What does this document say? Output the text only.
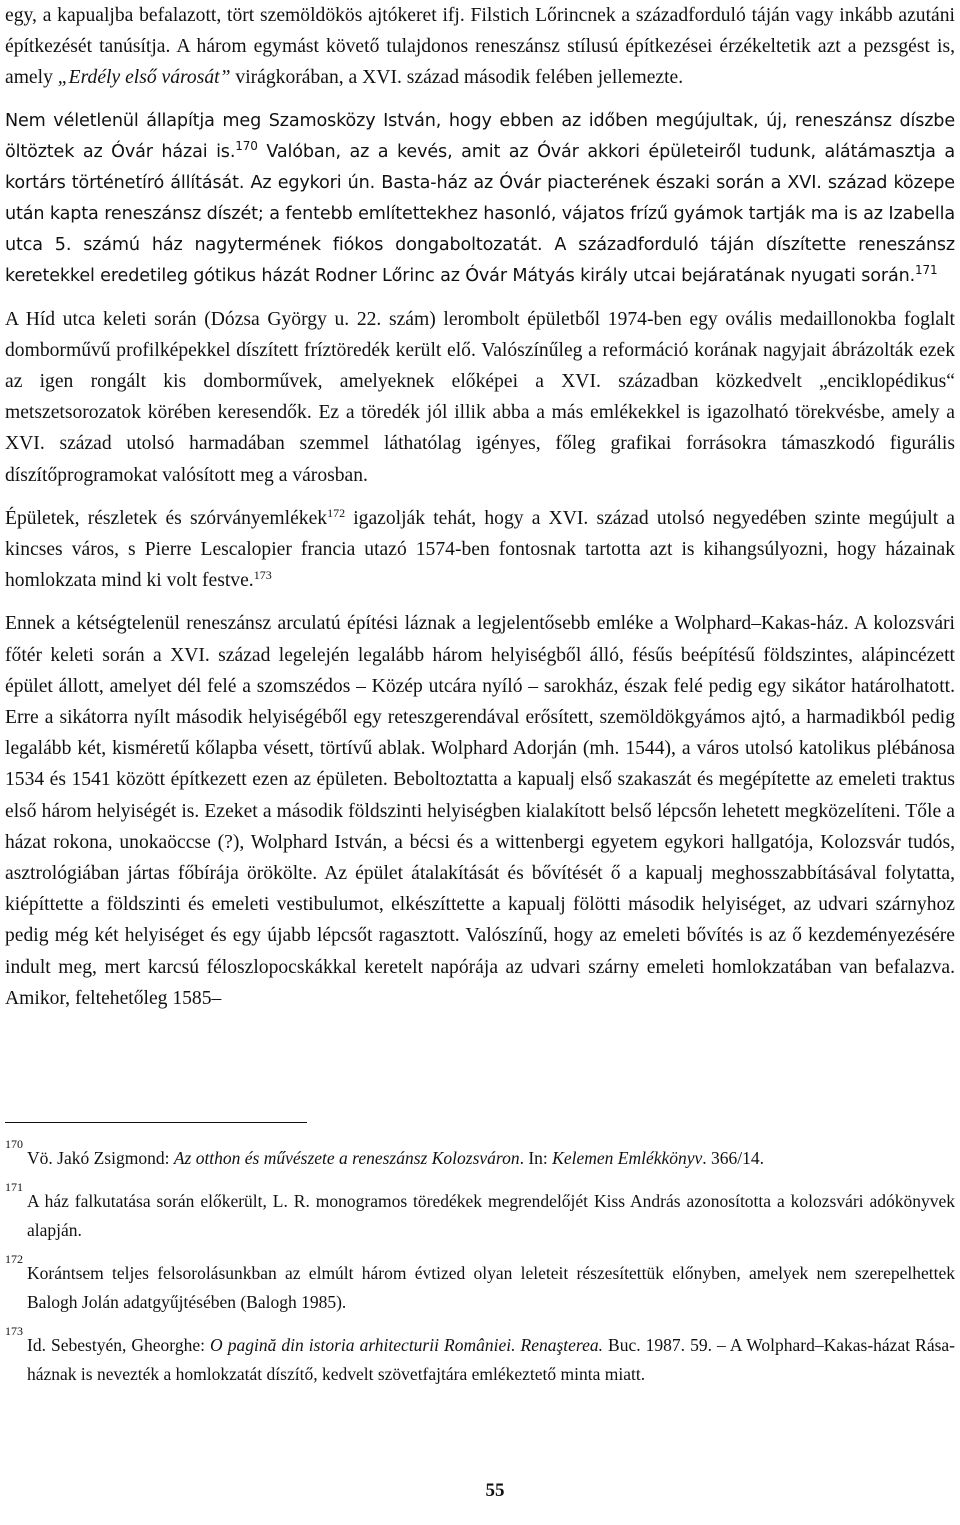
egy, a kapualjba befalazott, tört szemöldökös ajtókeret ifj. Filstich Lőrincnek a századforduló táján vagy inkább azutáni építkezését tanúsítja. A három egymást követő tulajdonos reneszánsz stílusú építkezései érzékeltetik azt a pezsgést is, amely „Erdély első városát” virágkorában, a XVI. század második felében jellemezte.

Nem véletlenül állapítja meg Szamosközy István, hogy ebben az időben megújultak, új, reneszánsz díszbe öltöztek az Óvár házai is.$^{170}$ Valóban, az a kevés, amit az Óvár akkori épületeiről tudunk, alátámasztja a kortárs történetíró állítását. Az egykori ún. Basta-ház az Óvár piacterének északi során a XVI. század közepe után kapta reneszánsz díszét; a fentebb említettekhez hasonló, vájatos frízű gyámok tartják ma is az Izabella utca 5. számú ház nagytermének fiókos dongaboltozatát. A századforduló táján díszítette reneszánsz keretekkel eredetileg gótikus házát Rodner Lőrinc az Óvár Mátyás király utcai bejáratának nyugati során.$^{171}$

A Híd utca keleti során (Dózsa György u. 22. szám) lerombolt épületből 1974-ben egy ovális medaillonokba foglalt domborművű profilképekkel díszített fríztöredék került elő. Valószínűleg a reformáció korának nagyjait ábrázolták ezek az igen rongált kis domborművek, amelyeknek előképei a XVI. században közkedvelt „enciklopédikus“ metszetsorozatok körében keresendők. Ez a töredék jól illik abba a más emlékekkel is igazolható törekvésbe, amely a XVI. század utolsó harmadában szemmel láthatólag igényes, főleg grafikai forrásokra támaszkodó figurális díszítőprogramokat valósított meg a városban.

Épületek, részletek és szórványemlékek$^{172}$ igazolják tehát, hogy a XVI. század utolsó negyedében szinte megújult a kincses város, s Pierre Lescalopier francia utazó 1574-ben fontosnak tartotta azt is kihangsúlyozni, hogy házainak homlokzata mind ki volt festve.$^{173}$

Ennek a kétségtelenül reneszánsz arculatú építési láznak a legjelentősebb emléke a Wolphard–Kakas-ház. A kolozsvári főtér keleti során a XVI. század legelején legalább három helyiségből álló, fésűs beépítésű földszintes, alápincézett épület állott, amelyet dél felé a szomszédos – Közép utcára nyíló – sarokház, észak felé pedig egy sikátor határolhatott. Erre a sikátorra nyílt második helyiségéből egy reteszgerendával erősített, szemöldökgyámos ajtó, a harmadikból pedig legalább két, kisméretű kőlapba vésett, törtívű ablak. Wolphard Adorján (mh. 1544), a város utolsó katolikus plébánosa 1534 és 1541 között építkezett ezen az épületen. Beboltoztatta a kapualj első szakaszát és megépítette az emeleti traktus első három helyiségét is. Ezeket a második földszinti helyiségben kialakított belső lépcsőn lehetett megközelíteni. Tőle a házat rokona, unokaöccse (?), Wolphard István, a bécsi és a wittenbergi egyetem egykori hallgatója, Kolozsvár tudós, asztrológiában jártas főbírája örökölte. Az épület átalakítását és bővítését ő a kapualj meghosszabbításával folytatta, kiépíttette a földszinti és emeleti vestibulumot, elkészíttette a kapualj fölötti második helyiséget, az udvari szárnyhoz pedig még két helyiséget és egy újabb lépcsőt ragasztott. Valószínű, hogy az emeleti bővítés is az ő kezdeményezésére indult meg, mert karcsú féloszlopocskákkal keretelt napórája az udvari szárny emeleti homlokzatában van befalazva. Amikor, feltehetőleg 1585–

170
Vö. Jakó Zsigmond: Az otthon és művészete a reneszánsz Kolozsváron. In: Kelemen Emlékkönyv. 366/14.

171
A ház falkutatása során előkerült, L. R. monogramos töredékek megrendelőjét Kiss András azonosította a kolozsvári adókönyvek alapján.

172
Korántsem teljes felsorolásunkban az elmúlt három évtized olyan leleteit részesítettük előnyben, amelyek nem szerepelhettek Balogh Jolán adatgyűjtésében (Balogh 1985).

173
Id. Sebestyén, Gheorghe: O pagină din istoria arhitecturii României. Renaşterea. Buc. 1987. 59. – A Wolphard–Kakas-házat Rása-háznak is nevezték a homlokzatát díszítő, kedvelt szövetfajtára emlékeztető minta miatt.

55
